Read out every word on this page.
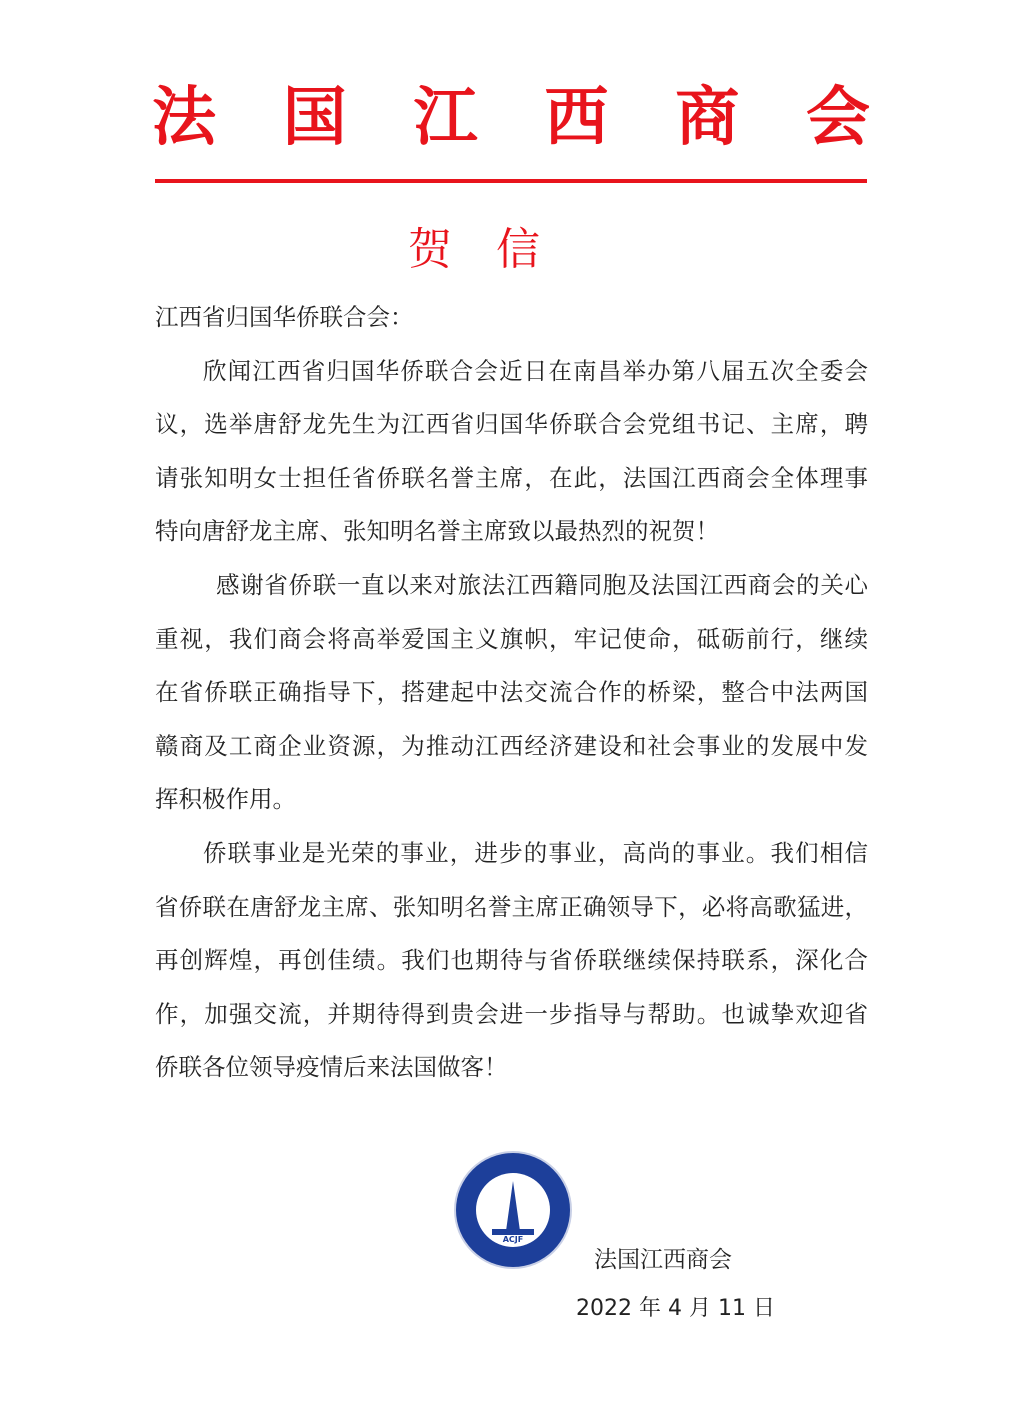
法 国 江 西 商 会
贺信
江西省归国华侨联合会：
欣闻江西省归国华侨联合会近日在南昌举办第八届五次全委会
议，选举唐舒龙先生为江西省归国华侨联合会党组书记、主席，聘
请张知明女士担任省侨联名誉主席，在此，法国江西商会全体理事
特向唐舒龙主席、张知明名誉主席致以最热烈的祝贺！
感谢省侨联一直以来对旅法江西籍同胞及法国江西商会的关心
重视，我们商会将高举爱国主义旗帜，牢记使命，砥砺前行，继续
在省侨联正确指导下，搭建起中法交流合作的桥梁，整合中法两国
赣商及工商企业资源，为推动江西经济建设和社会事业的发展中发
挥积极作用。
侨联事业是光荣的事业，进步的事业，高尚的事业。我们相信
省侨联在唐舒龙主席、张知明名誉主席正确领导下，必将高歌猛进，
再创辉煌，再创佳绩。我们也期待与省侨联继续保持联系，深化合
作，加强交流，并期待得到贵会进一步指导与帮助。也诚挚欢迎省
侨联各位领导疫情后来法国做客！
ACJF
法国江西商会
2022 年 4 月 11 日
